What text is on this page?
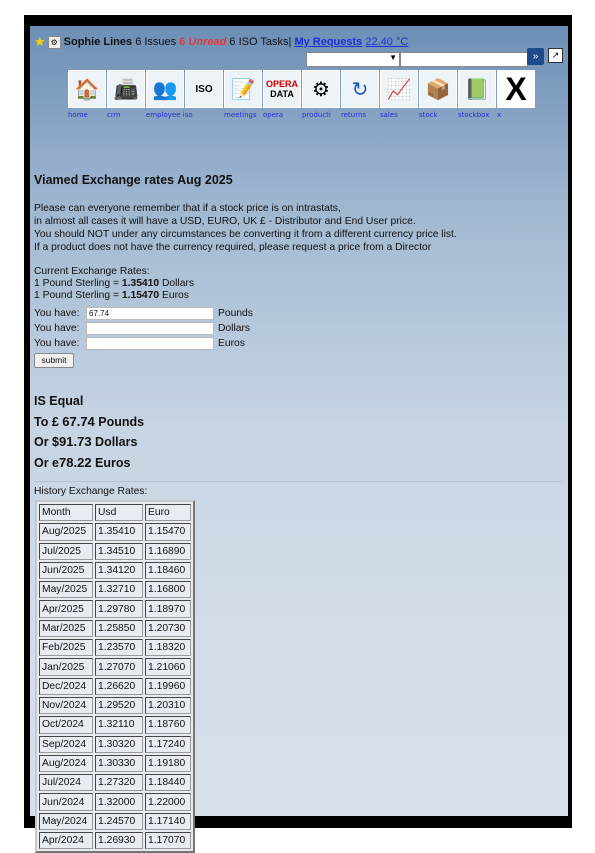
★ ⚙ Sophie Lines
6
Issues
6
Unread
6
ISO Tasks |
My Requests
22.40 °C
▼	»	↗
🏠
home
📠
crm
👥
employee iso
ISO 📝
meetings
OPERA
DATA
opera
⚙
producti
↻
returns
📈
sales
📦
stock
📗
stockbox
X
x
Viamed Exchange rates Aug 2025
Please can everyone remember that if a stock price is on intrastats,
in almost all cases it will have a USD, EURO, UK £ - Distributor and End User price.
You should NOT under any circumstances be converting it from a different currency price list.
If a product does not have the currency required, please request a price from a Director
Current Exchange Rates:
1 Pound Sterling = 1.35410 Dollars
1 Pound Sterling = 1.15470 Euros
You have:	67.74	Pounds
You have:	Dollars
You have:	Euros
submit
IS Equal
To £ 67.74 Pounds
Or $91.73 Dollars
Or e78.22 Euros
History Exchange Rates:
Month	Usd	Euro
Aug/2025	1.35410	1.15470
Jul/2025	1.34510	1.16890
Jun/2025	1.34120	1.18460
May/2025	1.32710	1.16800
Apr/2025	1.29780	1.18970
Mar/2025	1.25850	1.20730
Feb/2025	1.23570	1.18320
Jan/2025	1.27070	1.21060
Dec/2024	1.26620	1.19960
Nov/2024	1.29520	1.20310
Oct/2024	1.32110	1.18760
Sep/2024	1.30320	1.17240
Aug/2024	1.30330	1.19180
Jul/2024	1.27320	1.18440
Jun/2024	1.32000	1.22000
May/2024	1.24570	1.17140
Apr/2024	1.26930	1.17070
